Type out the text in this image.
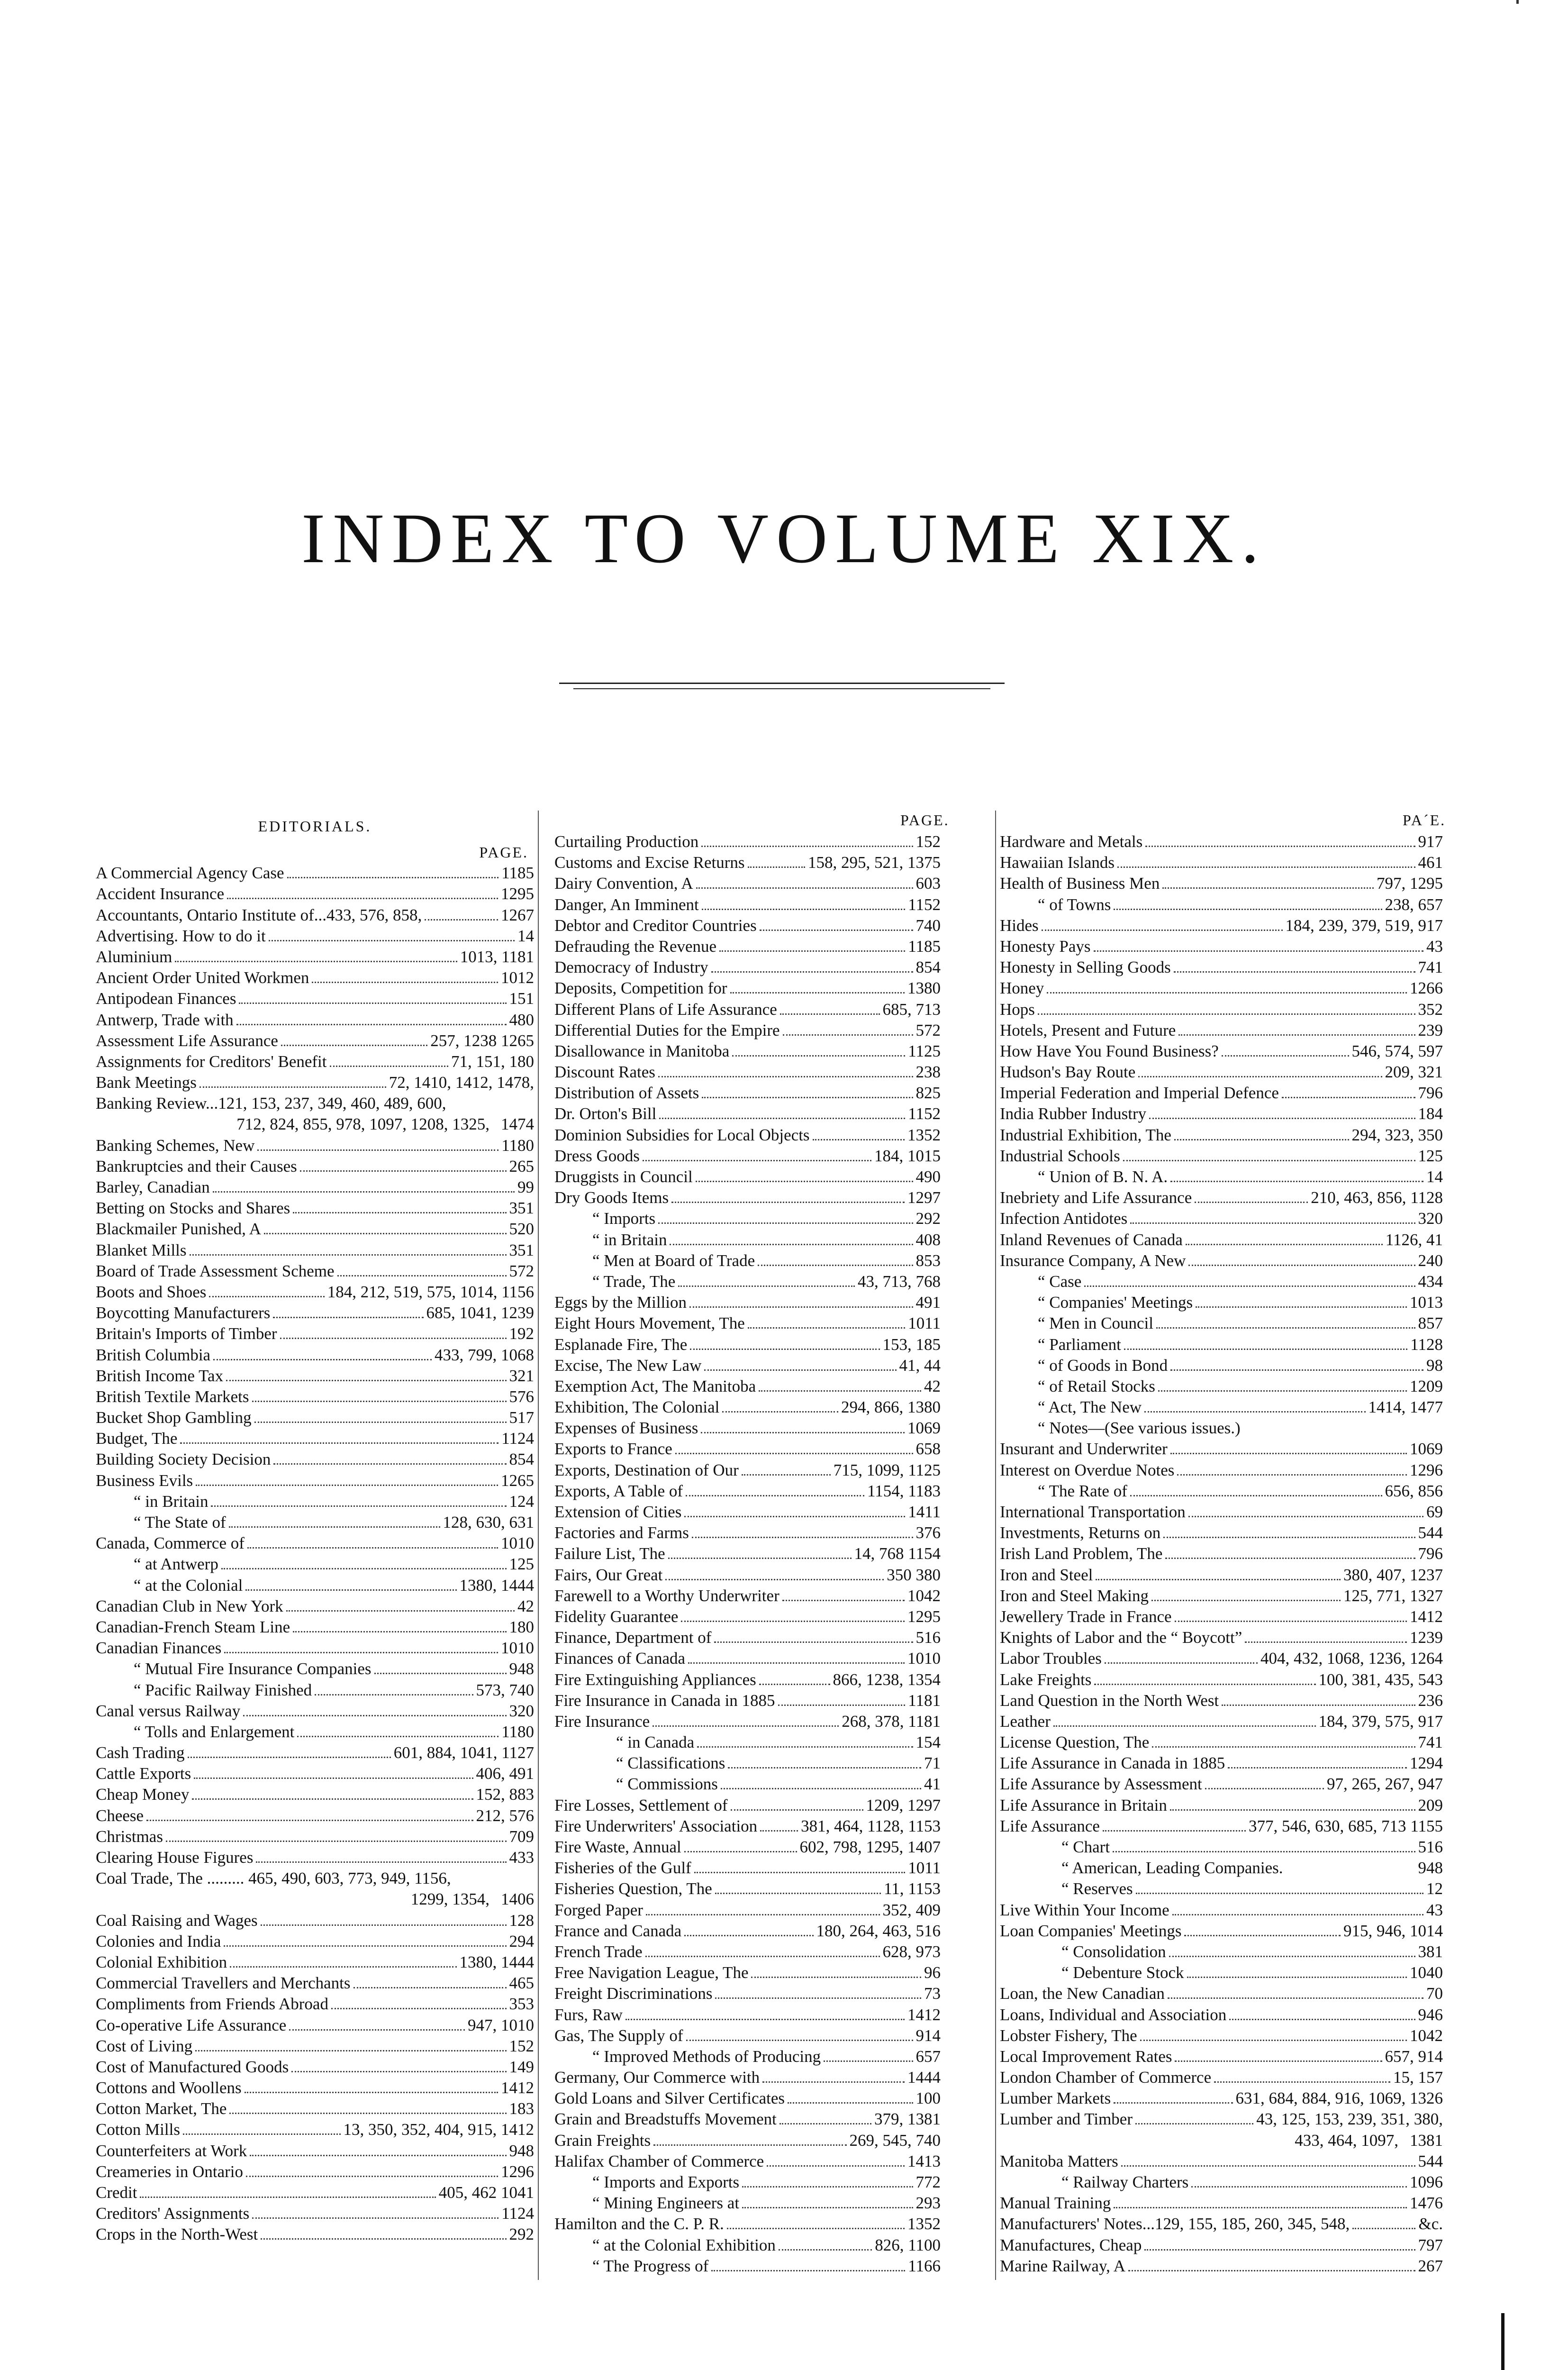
INDEX TO VOLUME XIX.
PAGE.	PA´E.
EDITORIALS.
PAGE.
A Commercial Agency Case	1185
Accident Insurance	1295
Accountants, Ontario Institute of...433, 576, 858,	1267
Advertising. How to do it	14
Aluminium	1013, 1181
Ancient Order United Workmen	1012
Antipodean Finances	151
Antwerp, Trade with	480
Assessment Life Assurance	257, 1238 1265
Assignments for Creditors' Benefit	71, 151, 180
Bank Meetings	72, 1410, 1412, 1478,
Banking Review...121, 153, 237, 349, 460, 489, 600,
712, 824, 855, 978, 1097, 1208, 1325, 1474
Banking Schemes, New	1180
Bankruptcies and their Causes	265
Barley, Canadian	99
Betting on Stocks and Shares	351
Blackmailer Punished, A	520
Blanket Mills	351
Board of Trade Assessment Scheme	572
Boots and Shoes	184, 212, 519, 575, 1014, 1156
Boycotting Manufacturers	685, 1041, 1239
Britain's Imports of Timber	192
British Columbia	433, 799, 1068
British Income Tax	321
British Textile Markets	576
Bucket Shop Gambling	517
Budget, The	1124
Building Society Decision	854
Business Evils	1265
“ in Britain	124
“ The State of	128, 630, 631
Canada, Commerce of	1010
“ at Antwerp	125
“ at the Colonial	1380, 1444
Canadian Club in New York	42
Canadian-French Steam Line	180
Canadian Finances	1010
“ Mutual Fire Insurance Companies	948
“ Pacific Railway Finished	573, 740
Canal versus Railway	320
“ Tolls and Enlargement	1180
Cash Trading	601, 884, 1041, 1127
Cattle Exports	406, 491
Cheap Money	152, 883
Cheese	212, 576
Christmas	709
Clearing House Figures	433
Coal Trade, The ......... 465, 490, 603, 773, 949, 1156,
1299, 1354, 1406
Coal Raising and Wages	128
Colonies and India	294
Colonial Exhibition	1380, 1444
Commercial Travellers and Merchants	465
Compliments from Friends Abroad	353
Co-operative Life Assurance	947, 1010
Cost of Living	152
Cost of Manufactured Goods	149
Cottons and Woollens	1412
Cotton Market, The	183
Cotton Mills	13, 350, 352, 404, 915, 1412
Counterfeiters at Work	948
Creameries in Ontario	1296
Credit	405, 462 1041
Creditors' Assignments	1124
Crops in the North-West	292
Curtailing Production	152
Customs and Excise Returns	158, 295, 521, 1375
Dairy Convention, A	603
Danger, An Imminent	1152
Debtor and Creditor Countries	740
Defrauding the Revenue	1185
Democracy of Industry	854
Deposits, Competition for	1380
Different Plans of Life Assurance	685, 713
Differential Duties for the Empire	572
Disallowance in Manitoba	1125
Discount Rates	238
Distribution of Assets	825
Dr. Orton's Bill	1152
Dominion Subsidies for Local Objects	1352
Dress Goods	184, 1015
Druggists in Council	490
Dry Goods Items	1297
“ Imports	292
“ in Britain	408
“ Men at Board of Trade	853
“ Trade, The	43, 713, 768
Eggs by the Million	491
Eight Hours Movement, The	1011
Esplanade Fire, The	153, 185
Excise, The New Law	41, 44
Exemption Act, The Manitoba	42
Exhibition, The Colonial	294, 866, 1380
Expenses of Business	1069
Exports to France	658
Exports, Destination of Our	715, 1099, 1125
Exports, A Table of	1154, 1183
Extension of Cities	1411
Factories and Farms	376
Failure List, The	14, 768 1154
Fairs, Our Great	350 380
Farewell to a Worthy Underwriter	1042
Fidelity Guarantee	1295
Finance, Department of	516
Finances of Canada	1010
Fire Extinguishing Appliances	866, 1238, 1354
Fire Insurance in Canada in 1885	1181
Fire Insurance	268, 378, 1181
“ in Canada	154
“ Classifications	71
“ Commissions	41
Fire Losses, Settlement of	1209, 1297
Fire Underwriters' Association	381, 464, 1128, 1153
Fire Waste, Annual	602, 798, 1295, 1407
Fisheries of the Gulf	1011
Fisheries Question, The	11, 1153
Forged Paper	352, 409
France and Canada	180, 264, 463, 516
French Trade	628, 973
Free Navigation League, The	96
Freight Discriminations	73
Furs, Raw	1412
Gas, The Supply of	914
“ Improved Methods of Producing	657
Germany, Our Commerce with	1444
Gold Loans and Silver Certificates	100
Grain and Breadstuffs Movement	379, 1381
Grain Freights	269, 545, 740
Halifax Chamber of Commerce	1413
“ Imports and Exports	772
“ Mining Engineers at	293
Hamilton and the C. P. R.	1352
“ at the Colonial Exhibition	826, 1100
“ The Progress of	1166
Hardware and Metals	917
Hawaiian Islands	461
Health of Business Men	797, 1295
“ of Towns	238, 657
Hides	184, 239, 379, 519, 917
Honesty Pays	43
Honesty in Selling Goods	741
Honey	1266
Hops	352
Hotels, Present and Future	239
How Have You Found Business?	546, 574, 597
Hudson's Bay Route	209, 321
Imperial Federation and Imperial Defence	796
India Rubber Industry	184
Industrial Exhibition, The	294, 323, 350
Industrial Schools	125
“ Union of B. N. A.	14
Inebriety and Life Assurance	210, 463, 856, 1128
Infection Antidotes	320
Inland Revenues of Canada	1126, 41
Insurance Company, A New	240
“ Case	434
“ Companies' Meetings	1013
“ Men in Council	857
“ Parliament	1128
“ of Goods in Bond	98
“ of Retail Stocks	1209
“ Act, The New	1414, 1477
“ Notes—(See various issues.)
Insurant and Underwriter	1069
Interest on Overdue Notes	1296
“ The Rate of	656, 856
International Transportation	69
Investments, Returns on	544
Irish Land Problem, The	796
Iron and Steel	380, 407, 1237
Iron and Steel Making	125, 771, 1327
Jewellery Trade in France	1412
Knights of Labor and the “ Boycott”	1239
Labor Troubles	404, 432, 1068, 1236, 1264
Lake Freights	100, 381, 435, 543
Land Question in the North West	236
Leather	184, 379, 575, 917
License Question, The	741
Life Assurance in Canada in 1885	1294
Life Assurance by Assessment	97, 265, 267, 947
Life Assurance in Britain	209
Life Assurance	377, 546, 630, 685, 713 1155
“ Chart	516
“ American, Leading Companies.	948
“ Reserves	12
Live Within Your Income	43
Loan Companies' Meetings	915, 946, 1014
“ Consolidation	381
“ Debenture Stock	1040
Loan, the New Canadian	70
Loans, Individual and Association	946
Lobster Fishery, The	1042
Local Improvement Rates	657, 914
London Chamber of Commerce	15, 157
Lumber Markets	631, 684, 884, 916, 1069, 1326
Lumber and Timber	43, 125, 153, 239, 351, 380,
433, 464, 1097, 1381
Manitoba Matters	544
“ Railway Charters	1096
Manual Training	1476
Manufacturers' Notes...129, 155, 185, 260, 345, 548,	&c.
Manufactures, Cheap	797
Marine Railway, A	267
